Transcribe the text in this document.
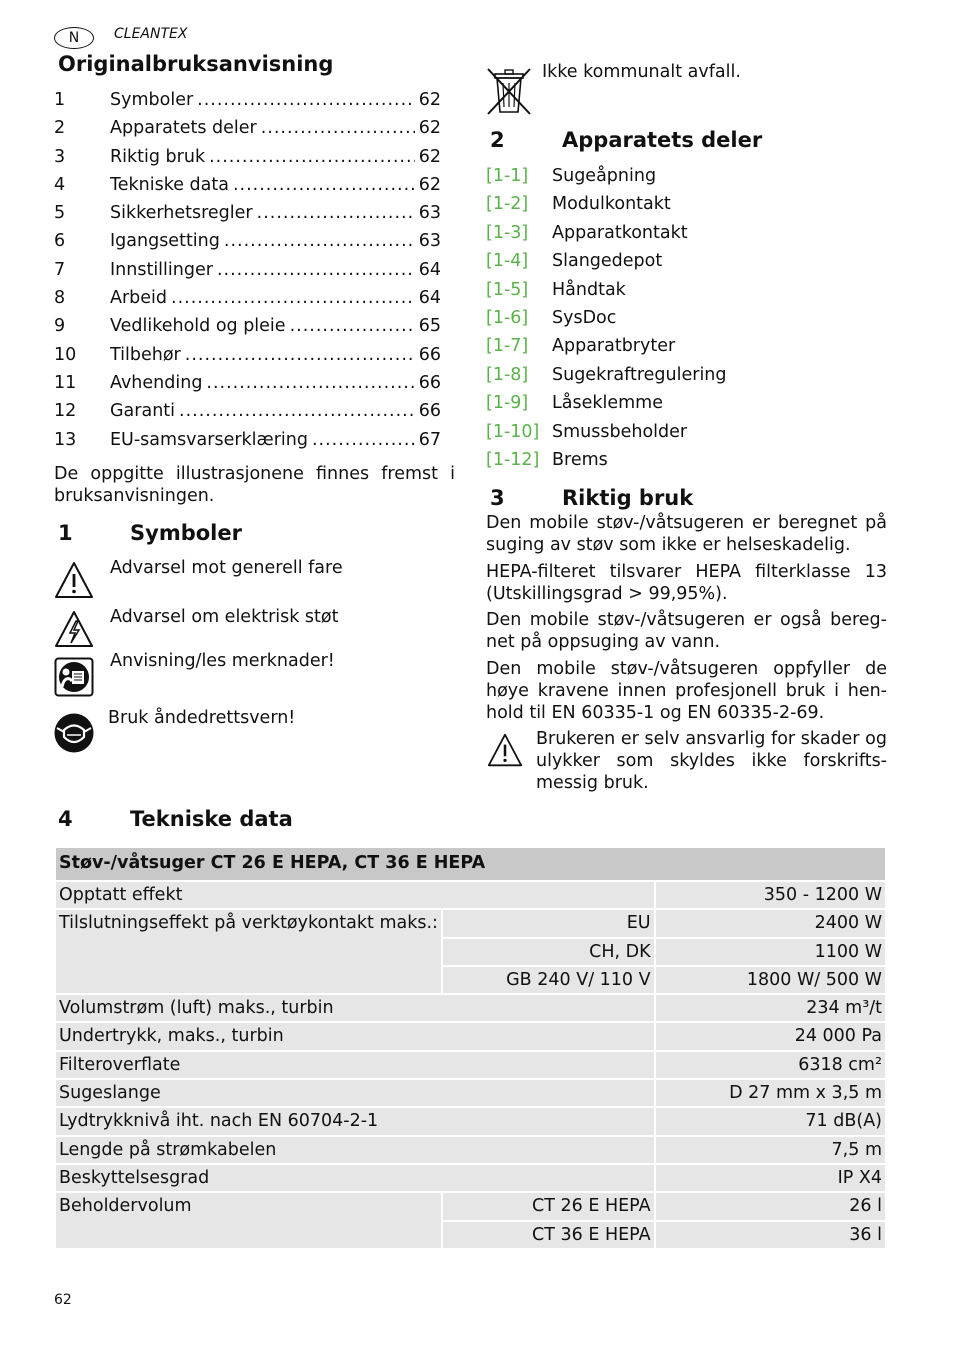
N	CLEANTEX
Originalbruksanvisning
1	Symboler .....	62
2	Apparatets deler .....	62
3	Riktig bruk .....	62
4	Tekniske data .....	62
5	Sikkerhetsregler .....	63
6	Igangsetting .....	63
7	Innstillinger .....	64
8	Arbeid .....	64
9	Vedlikehold og pleie .....	65
10	Tilbehør .....	66
11	Avhending .....	66
12	Garanti .....	66
13	EU-samsvarserklæring .....	67
De oppgitte illustrasjonene finnes fremst i bruksanvisningen.
1	Symboler
Advarsel mot generell fare
Advarsel om elektrisk støt
Anvisning/les merknader!
Bruk åndedrettsvern!
Ikke kommunalt avfall.
2	Apparatets deler
[1-1]	Sugeåpning
[1-2]	Modulkontakt
[1-3]	Apparatkontakt
[1-4]	Slangedepot
[1-5]	Håndtak
[1-6]	SysDoc
[1-7]	Apparatbryter
[1-8]	Sugekraftregulering
[1-9]	Låseklemme
[1-10] Smussbeholder
[1-12] Brems
3	Riktig bruk
Den mobile støv-/våtsugeren er beregnet på suging av støv som ikke er helseskadelig.
HEPA-filteret tilsvarer HEPA filterklasse 13 (Utskillingsgrad > 99,95%).
Den mobile støv-/våtsugeren er også bereg-net på oppsuging av vann.
Den mobile støv-/våtsugeren oppfyller de høye kravene innen profesjonell bruk i hen-hold til EN 60335-1 og EN 60335-2-69.
Brukeren er selv ansvarlig for skader og ulykker som skyldes ikke forskrifts-messig bruk.
4	Tekniske data
Støv-/våtsuger CT 26 E HEPA, CT 36 E HEPA		
Opptatt effekt		350 - 1200 W
Tilslutningseffekt på verktøykontakt maks.:	EU	2400 W
	CH, DK	1100 W
	GB 240 V/ 110 V	1800 W/ 500 W
Volumstrøm (luft) maks., turbin		234 m³/t
Undertrykk, maks., turbin		24 000 Pa
Filteroverflate		6318 cm²
Sugeslange		D 27 mm x 3,5 m
Lydtrykknivå iht. nach EN 60704-2-1		71 dB(A)
Lengde på strømkabelen		7,5 m
Beskyttelsesgrad		IP X4
Beholdervolum	CT 26 E HEPA	26 l
	CT 36 E HEPA	36 l
62
